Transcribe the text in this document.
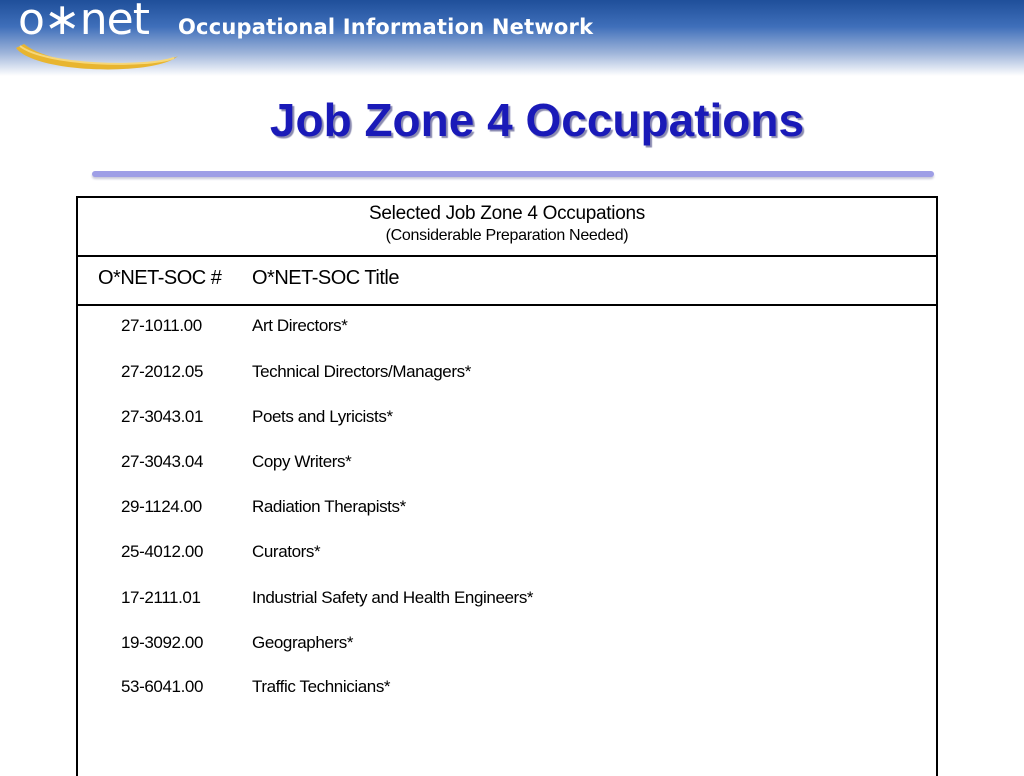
o∗net Occupational Information Network
Job Zone 4 Occupations
Selected Job Zone 4 Occupations
(Considerable Preparation Needed)
O*NET-SOC # O*NET-SOC Title
27-1011.00	Art Directors*
27-2012.05	Technical Directors/Managers*
27-3043.01	Poets and Lyricists*
27-3043.04	Copy Writers*
29-1124.00	Radiation Therapists*
25-4012.00	Curators*
17-2111.01	Industrial Safety and Health Engineers*
19-3092.00	Geographers*
53-6041.00	Traffic Technicians*
